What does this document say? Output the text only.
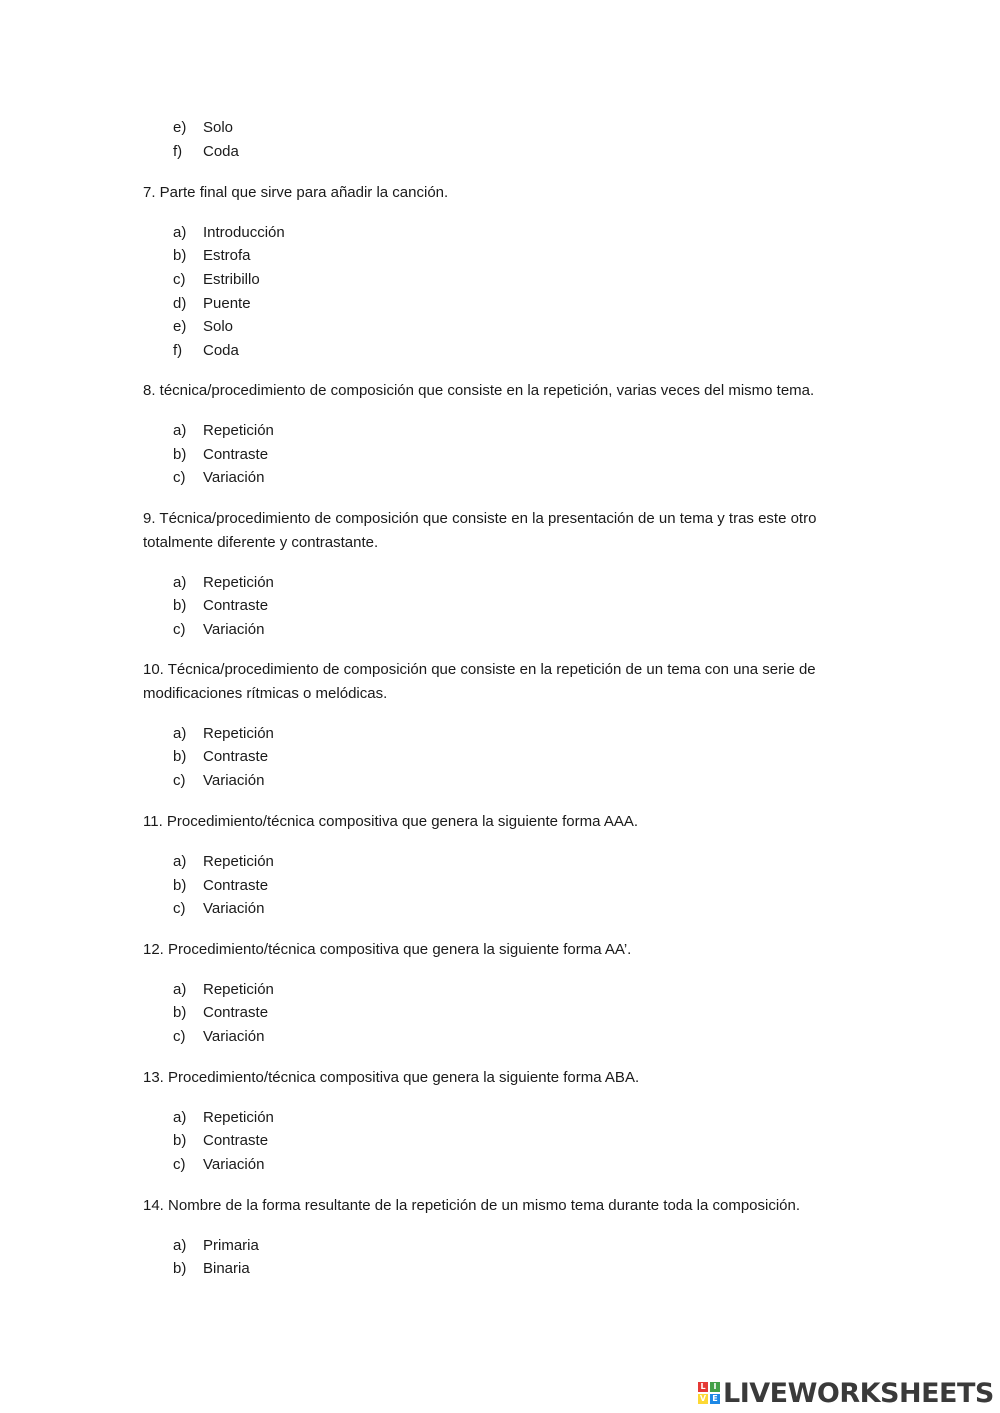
e) Solo
f) Coda
7. Parte final que sirve para añadir la canción.
a) Introducción
b) Estrofa
c) Estribillo
d) Puente
e) Solo
f) Coda
8. técnica/procedimiento de composición que consiste en la repetición, varias veces del mismo tema.
a) Repetición
b) Contraste
c) Variación
9. Técnica/procedimiento de composición que consiste en la presentación de un tema y tras este otro
totalmente diferente y contrastante.
a) Repetición
b) Contraste
c) Variación
10. Técnica/procedimiento de composición que consiste en la repetición de un tema con una serie de
modificaciones rítmicas o melódicas.
a) Repetición
b) Contraste
c) Variación
11. Procedimiento/técnica compositiva que genera la siguiente forma AAA.
a) Repetición
b) Contraste
c) Variación
12. Procedimiento/técnica compositiva que genera la siguiente forma AA’.
a) Repetición
b) Contraste
c) Variación
13. Procedimiento/técnica compositiva que genera la siguiente forma ABA.
a) Repetición
b) Contraste
c) Variación
14. Nombre de la forma resultante de la repetición de un mismo tema durante toda la composición.
a) Primaria
b) Binaria
L I
V E LIVEWORKSHEETS
